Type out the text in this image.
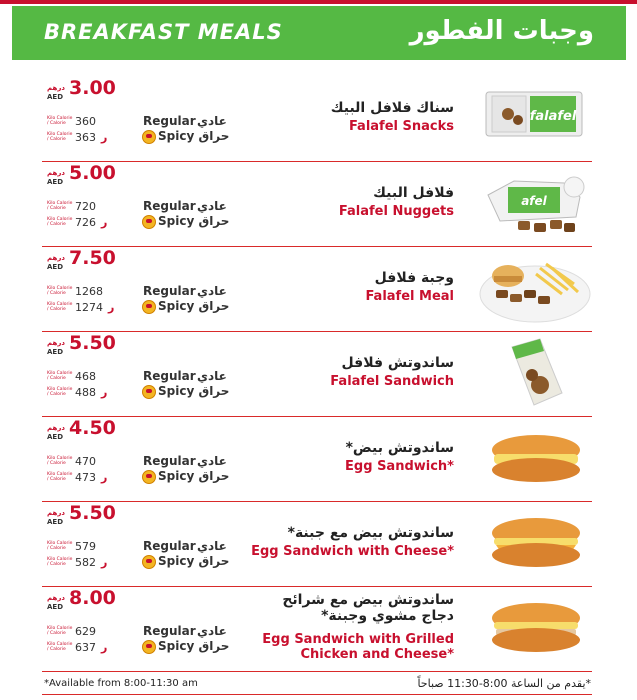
BREAKFAST MEALS	وجبات الفطور
درهم
AED 3.00
Kilo Calorie / Calorie 360
Kilo Calorie / Calorie 363 ر
Regular عادي
Spicy حراق
سناك فلافل البيك
Falafel Snacks
falafel
درهم
AED 5.00
Kilo Calorie / Calorie 720
Kilo Calorie / Calorie 726 ر
Regular عادي
Spicy حراق
فلافل البيك
Falafel Nuggets
afel
درهم
AED 7.50
Kilo Calorie / Calorie 1268
Kilo Calorie / Calorie 1274 ر
Regular عادي
Spicy حراق
وجبة فلافل
Falafel Meal
درهم
AED 5.50
Kilo Calorie / Calorie 468
Kilo Calorie / Calorie 488 ر
Regular عادي
Spicy حراق
ساندوتش فلافل
Falafel Sandwich
درهم
AED 4.50
Kilo Calorie / Calorie 470
Kilo Calorie / Calorie 473 ر
Regular عادي
Spicy حراق
ساندوتش بيض*
Egg Sandwich*
درهم
AED 5.50
Kilo Calorie / Calorie 579
Kilo Calorie / Calorie 582 ر
Regular عادي
Spicy حراق
ساندوتش بيض مع جبنة*
Egg Sandwich with Cheese*
درهم
AED 8.00
Kilo Calorie / Calorie 629
Kilo Calorie / Calorie 637 ر
Regular عادي
Spicy حراق
ساندوتش بيض مع شرائح
دجاج مشوي وجبنة*
Egg Sandwich with Grilled
Chicken and Cheese*
*Available from 8:00-11:30 am	*يقدم من الساعة 8:00-11:30 صباحاً
